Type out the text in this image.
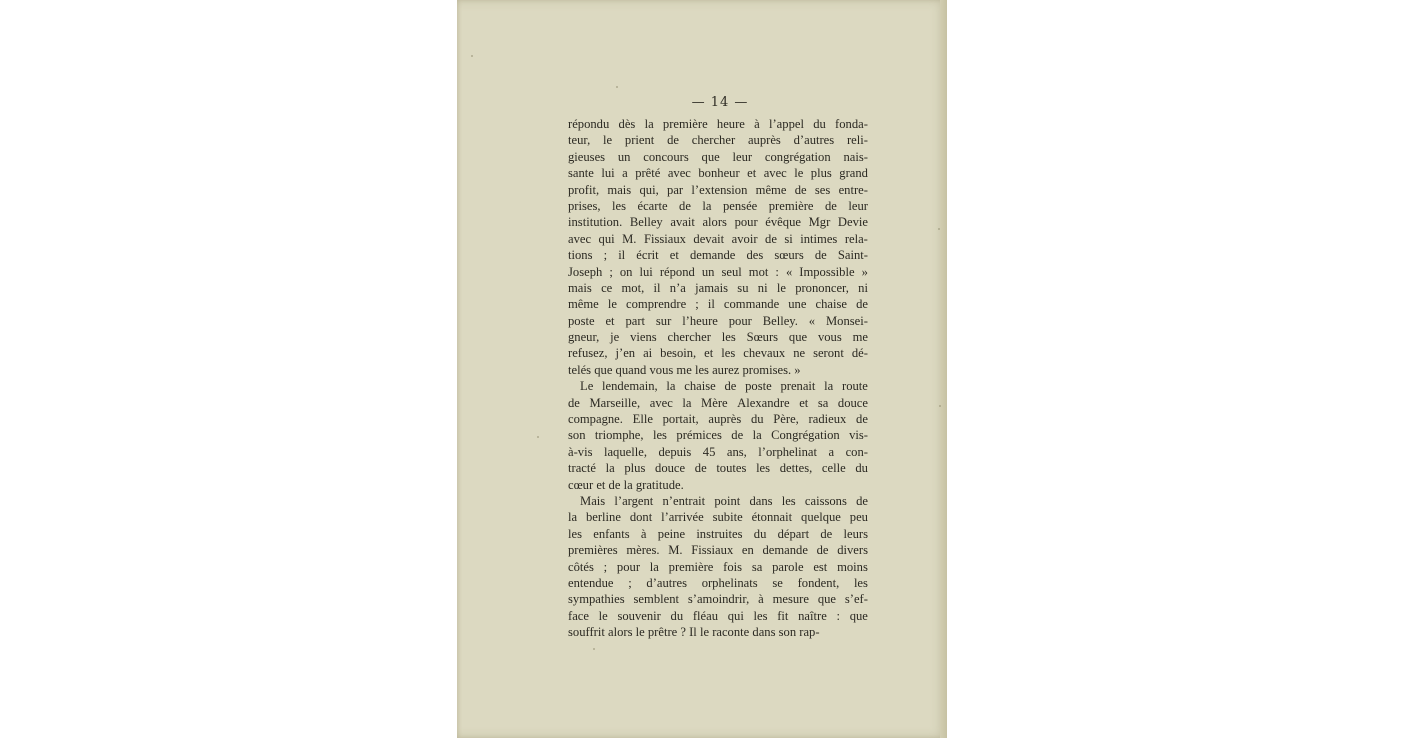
— 14 —
répondu dès la première heure à l’appel du fonda-
teur, le prient de chercher auprès d’autres reli-
gieuses un concours que leur congrégation nais-
sante lui a prêté avec bonheur et avec le plus grand
profit, mais qui, par l’extension même de ses entre-
prises, les écarte de la pensée première de leur
institution. Belley avait alors pour évêque Mgr Devie
avec qui M. Fissiaux devait avoir de si intimes rela-
tions ; il écrit et demande des sœurs de Saint-
Joseph ; on lui répond un seul mot : « Impossible »
mais ce mot, il n’a jamais su ni le prononcer, ni
même le comprendre ; il commande une chaise de
poste et part sur l’heure pour Belley. « Monsei-
gneur, je viens chercher les Sœurs que vous me
refusez, j’en ai besoin, et les chevaux ne seront dé-
telés que quand vous me les aurez promises. »
Le lendemain, la chaise de poste prenait la route
de Marseille, avec la Mère Alexandre et sa douce
compagne. Elle portait, auprès du Père, radieux de
son triomphe, les prémices de la Congrégation vis-
à-vis laquelle, depuis 45 ans, l’orphelinat a con-
tracté la plus douce de toutes les dettes, celle du
cœur et de la gratitude.
Mais l’argent n’entrait point dans les caissons de
la berline dont l’arrivée subite étonnait quelque peu
les enfants à peine instruites du départ de leurs
premières mères. M. Fissiaux en demande de divers
côtés ; pour la première fois sa parole est moins
entendue ; d’autres orphelinats se fondent, les
sympathies semblent s’amoindrir, à mesure que s’ef-
face le souvenir du fléau qui les fit naître : que
souffrit alors le prêtre ? Il le raconte dans son rap-
